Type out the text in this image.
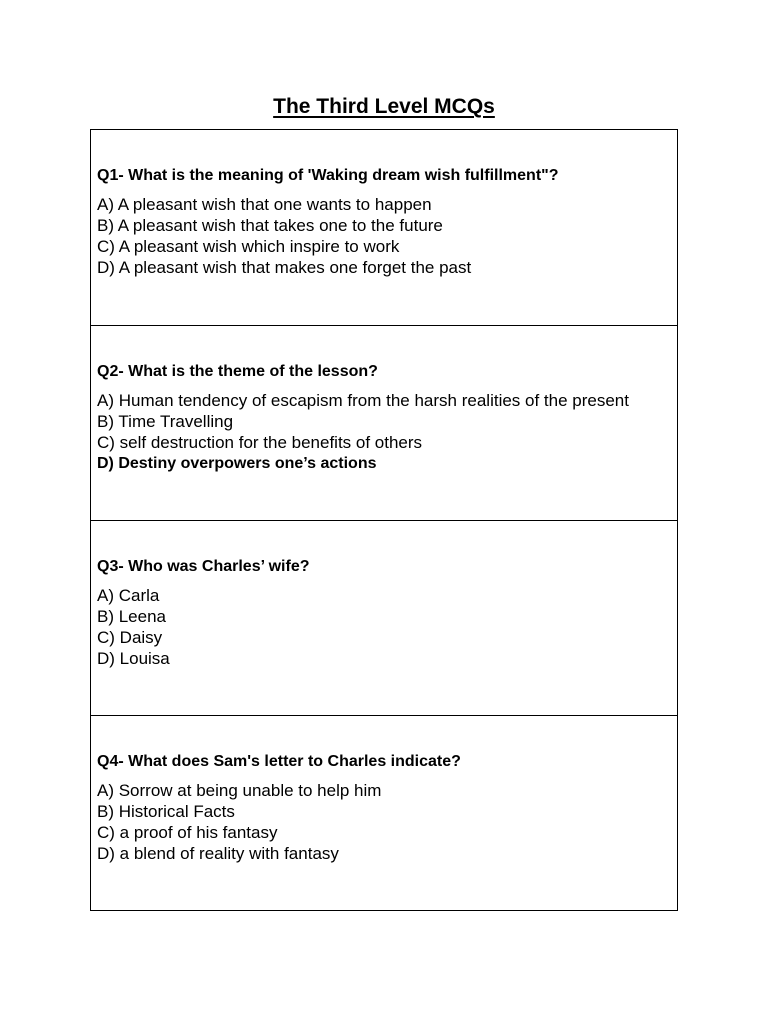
The Third Level MCQs

Q1- What is the meaning of 'Waking dream wish fulfillment"?

A) A pleasant wish that one wants to happen

B) A pleasant wish that takes one to the future

C) A pleasant wish which inspire to work

D) A pleasant wish that makes one forget the past

Q2- What is the theme of the lesson?

A) Human tendency of escapism from the harsh realities of the present

B) Time Travelling

C) self destruction for the benefits of others

D) Destiny overpowers one’s actions

Q3- Who was Charles’ wife?

A) Carla

B) Leena

C) Daisy

D) Louisa

Q4- What does Sam's letter to Charles indicate?

A) Sorrow at being unable to help him

B) Historical Facts

C) a proof of his fantasy

D) a blend of reality with fantasy
